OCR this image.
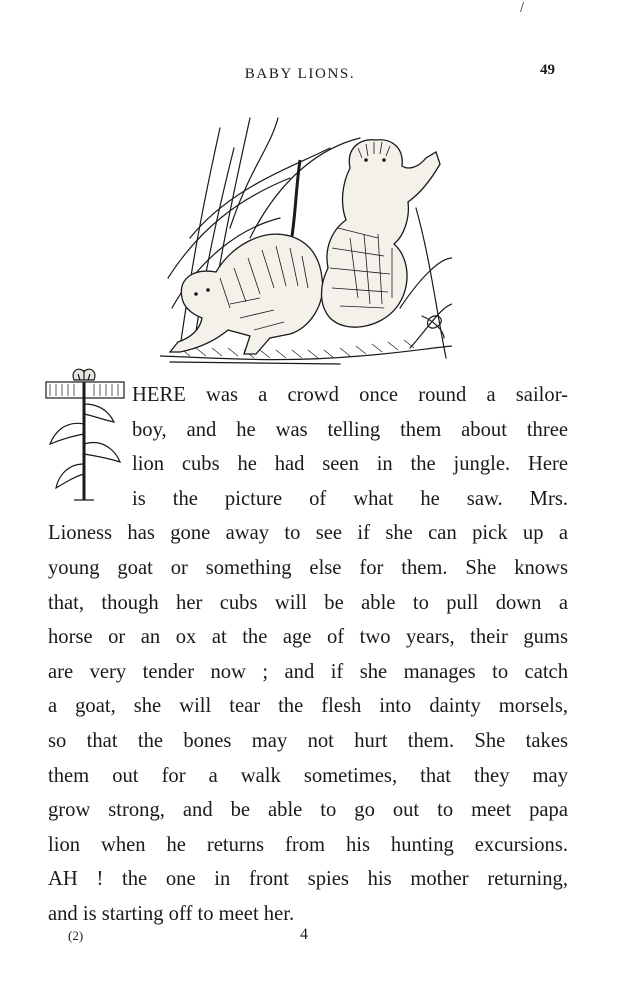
/
BABY LIONS.	49
HERE was a crowd once round a sailor-
boy, and he was telling them about three
lion cubs he had seen in the jungle. Here
is the picture of what he saw. Mrs.
Lioness has gone away to see if she can pick up a
young goat or something else for them. She knows
that, though her cubs will be able to pull down a
horse or an ox at the age of two years, their gums
are very tender now ; and if she manages to catch
a goat, she will tear the flesh into dainty morsels,
so that the bones may not hurt them. She takes
them out for a walk sometimes, that they may
grow strong, and be able to go out to meet papa
lion when he returns from his hunting excursions.
AH ! the one in front spies his mother returning,
and is starting off to meet her.
(2)	4
